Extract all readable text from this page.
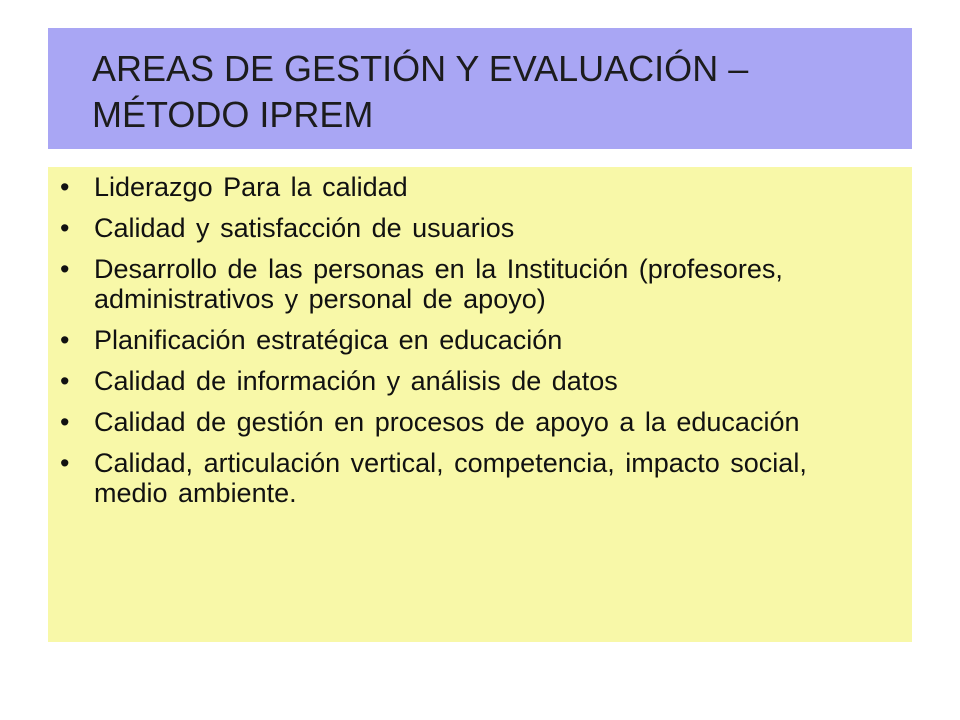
AREAS DE GESTIÓN Y EVALUACIÓN – MÉTODO IPREM
• Liderazgo Para la calidad
• Calidad y satisfacción de usuarios
• Desarrollo de las personas en la Institución (profesores, administrativos y personal de apoyo)
• Planificación estratégica en educación
• Calidad de información y análisis de datos
• Calidad de gestión en procesos de apoyo a la educación
• Calidad, articulación vertical, competencia, impacto social, medio ambiente.
